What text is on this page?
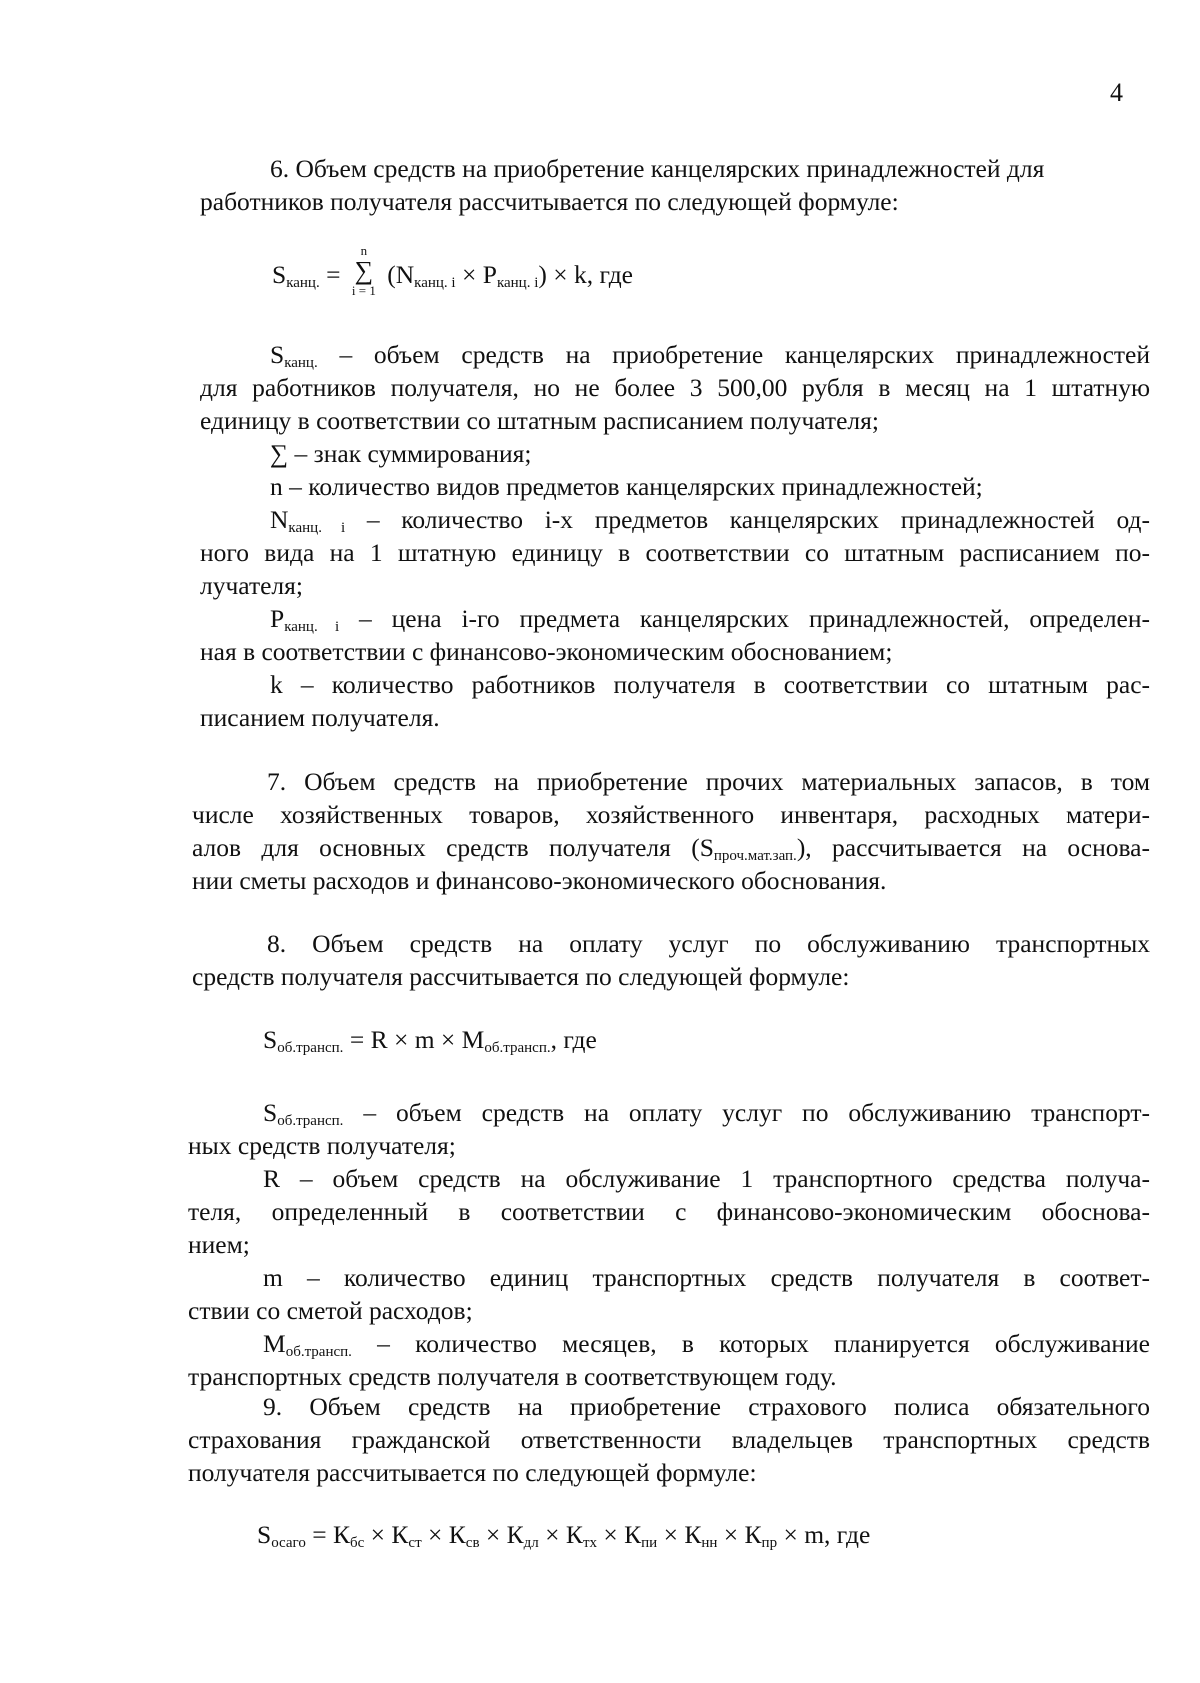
4
6. Объем средств на приобретение канцелярских принадлежностей для
работников получателя рассчитывается по следующей формуле:
$S_{канц.}$ =
n
∑
i = 1
$(N_{канц. i} \times P_{канц. i}) \times k$, где
$S_{канц.}$ – объем средств на приобретение канцелярских принадлежностей
для работников получателя, но не более 3 500,00 рубля в месяц на 1 штатную
единицу в соответствии со штатным расписанием получателя;
∑ – знак суммирования;
n – количество видов предметов канцелярских принадлежностей;
$N_{канц. i}$ – количество i-х предметов канцелярских принадлежностей од-
ного вида на 1 штатную единицу в соответствии со штатным расписанием по-
лучателя;
$P_{канц. i}$ – цена i-го предмета канцелярских принадлежностей, определен-
ная в соответствии с финансово-экономическим обоснованием;
k – количество работников получателя в соответствии со штатным рас-
писанием получателя.
7. Объем средств на приобретение прочих материальных запасов, в том
числе хозяйственных товаров, хозяйственного инвентаря, расходных матери-
алов для основных средств получателя $(S_{проч.мат.зап.})$, рассчитывается на основа-
нии сметы расходов и финансово-экономического обоснования.
8. Объем средств на оплату услуг по обслуживанию транспортных
средств получателя рассчитывается по следующей формуле:
$S_{об.трансп.} = R \times m \times M_{об.трансп.}$, где
$S_{об.трансп.}$ – объем средств на оплату услуг по обслуживанию транспорт-
ных средств получателя;
R – объем средств на обслуживание 1 транспортного средства получа-
теля, определенный в соответствии с финансово-экономическим обоснова-
нием;
m – количество единиц транспортных средств получателя в соответ-
ствии со сметой расходов;
$M_{об.трансп.}$ – количество месяцев, в которых планируется обслуживание
транспортных средств получателя в соответствующем году.
9. Объем средств на приобретение страхового полиса обязательного
страхования гражданской ответственности владельцев транспортных средств
получателя рассчитывается по следующей формуле:
$S_{осаго} = К_{бс} \times К_{ст} \times К_{св} \times К_{дл} \times К_{тх} \times К_{пи} \times К_{нн} \times К_{пр} \times m$, где
